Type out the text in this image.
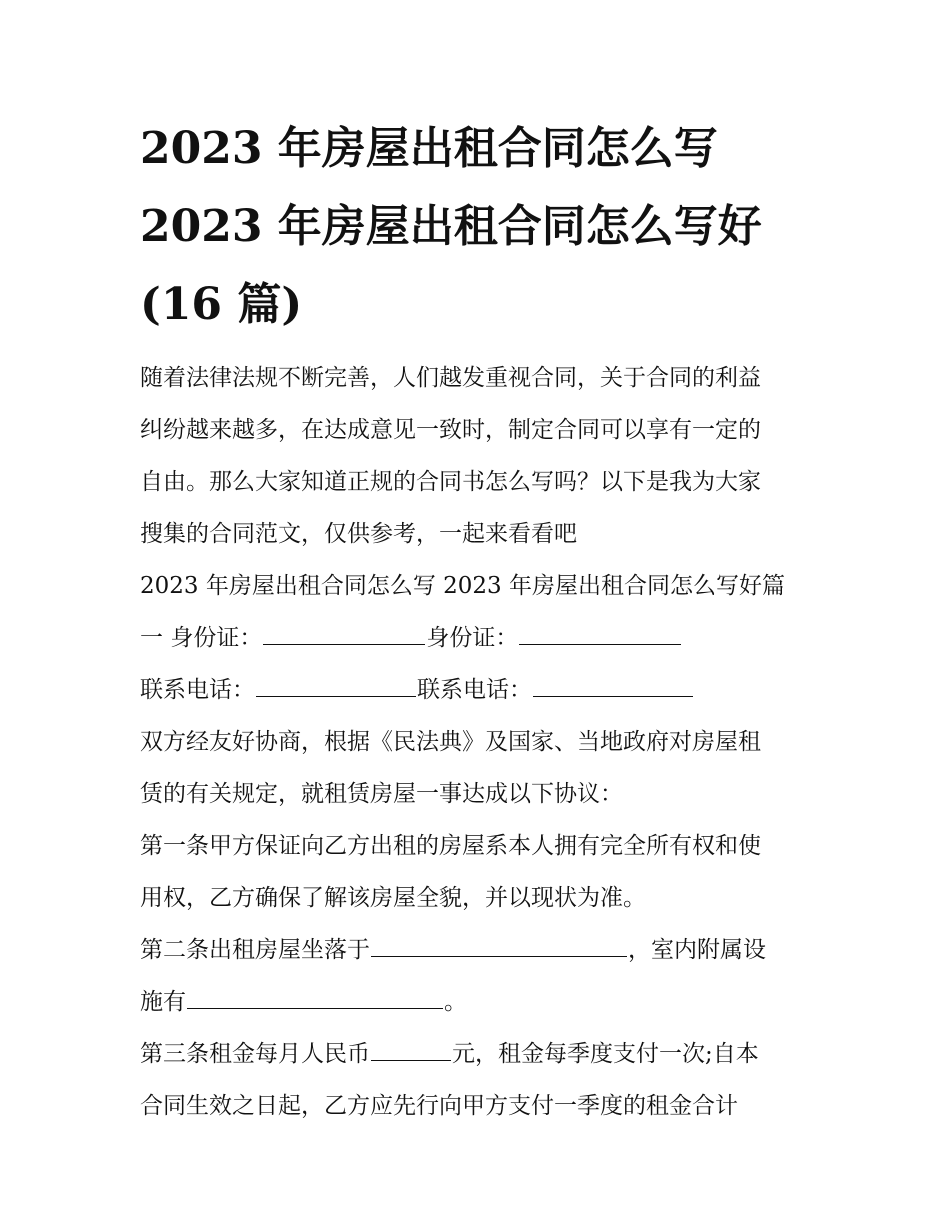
2023 年房屋出租合同怎么写
2023 年房屋出租合同怎么写好
(16 篇)
随着法律法规不断完善，人们越发重视合同，关于合同的利益
纠纷越来越多，在达成意见一致时，制定合同可以享有一定的
自由。那么大家知道正规的合同书怎么写吗？以下是我为大家
搜集的合同范文，仅供参考，一起来看看吧
2023 年房屋出租合同怎么写 2023 年房屋出租合同怎么写好篇
一 身份证：	身份证：
联系电话：	联系电话：
双方经友好协商，根据《民法典》及国家、当地政府对房屋租
赁的有关规定，就租赁房屋一事达成以下协议：
第一条甲方保证向乙方出租的房屋系本人拥有完全所有权和使
用权，乙方确保了解该房屋全貌，并以现状为准。
第二条出租房屋坐落于	，室内附属设
施有	。
第三条租金每月人民币	元，租金每季度支付一次;自本
合同生效之日起，乙方应先行向甲方支付一季度的租金合计
